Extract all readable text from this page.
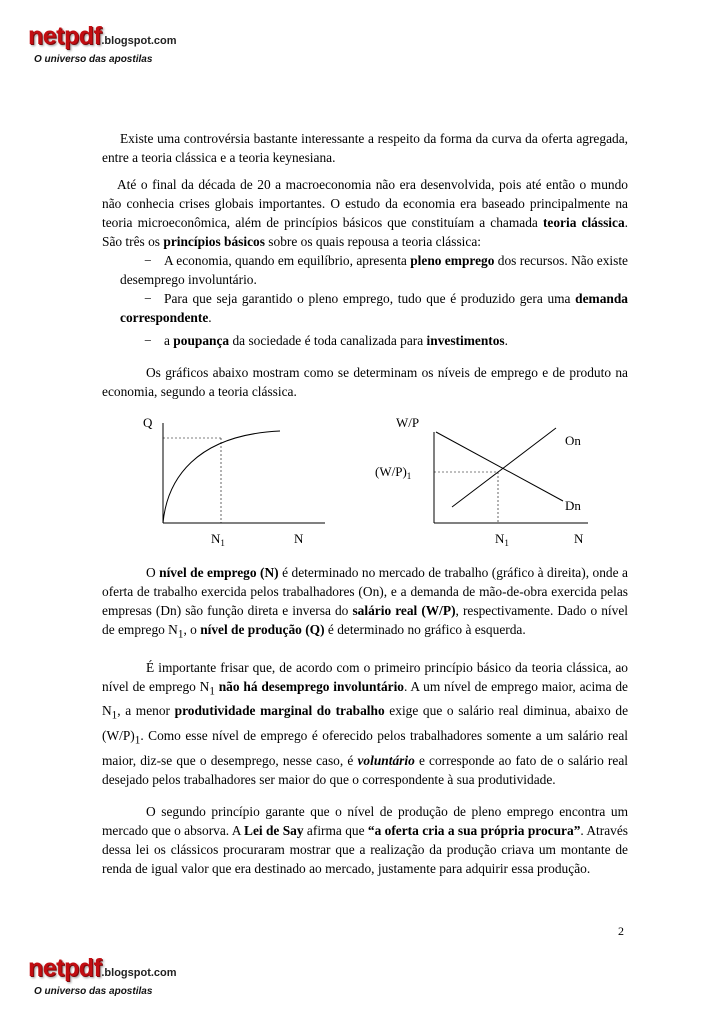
netpdf.blogspot.com
O universo das apostilas

Existe uma controvérsia bastante interessante a respeito da forma da curva da oferta agregada, entre a teoria clássica e a teoria keynesiana.

Até o final da década de 20 a macroeconomia não era desenvolvida, pois até então o mundo não conhecia crises globais importantes. O estudo da economia era baseado principalmente na teoria microeconômica, além de princípios básicos que constituíam a chamada teoria clássica. São três os princípios básicos sobre os quais repousa a teoria clássica:

− A economia, quando em equilíbrio, apresenta pleno emprego dos recursos. Não existe desemprego involuntário.

− Para que seja garantido o pleno emprego, tudo que é produzido gera uma demanda correspondente.

− a poupança da sociedade é toda canalizada para investimentos.

Os gráficos abaixo mostram como se determinam os níveis de emprego e de produto na economia, segundo a teoria clássica.

Q
$N_1$	N
W/P
On
Dn
$(W/P)_1$
$N_1$	N

O nível de emprego (N) é determinado no mercado de trabalho (gráfico à direita), onde a oferta de trabalho exercida pelos trabalhadores (On), e a demanda de mão-de-obra exercida pelas empresas (Dn) são função direta e inversa do salário real (W/P), respectivamente. Dado o nível de emprego $N_1$, o nível de produção (Q) é determinado no gráfico à esquerda.

É importante frisar que, de acordo com o primeiro princípio básico da teoria clássica, ao nível de emprego $N_1$ não há desemprego involuntário. A um nível de emprego maior, acima de $N_1$, a menor produtividade marginal do trabalho exige que o salário real diminua, abaixo de $(W/P)_1$. Como esse nível de emprego é oferecido pelos trabalhadores somente a um salário real maior, diz-se que o desemprego, nesse caso, é voluntário e corresponde ao fato de o salário real desejado pelos trabalhadores ser maior do que o correspondente à sua produtividade.

O segundo princípio garante que o nível de produção de pleno emprego encontra um mercado que o absorva. A Lei de Say afirma que “a oferta cria a sua própria procura”. Através dessa lei os clássicos procuraram mostrar que a realização da produção criava um montante de renda de igual valor que era destinado ao mercado, justamente para adquirir essa produção.

2
netpdf.blogspot.com
O universo das apostilas
